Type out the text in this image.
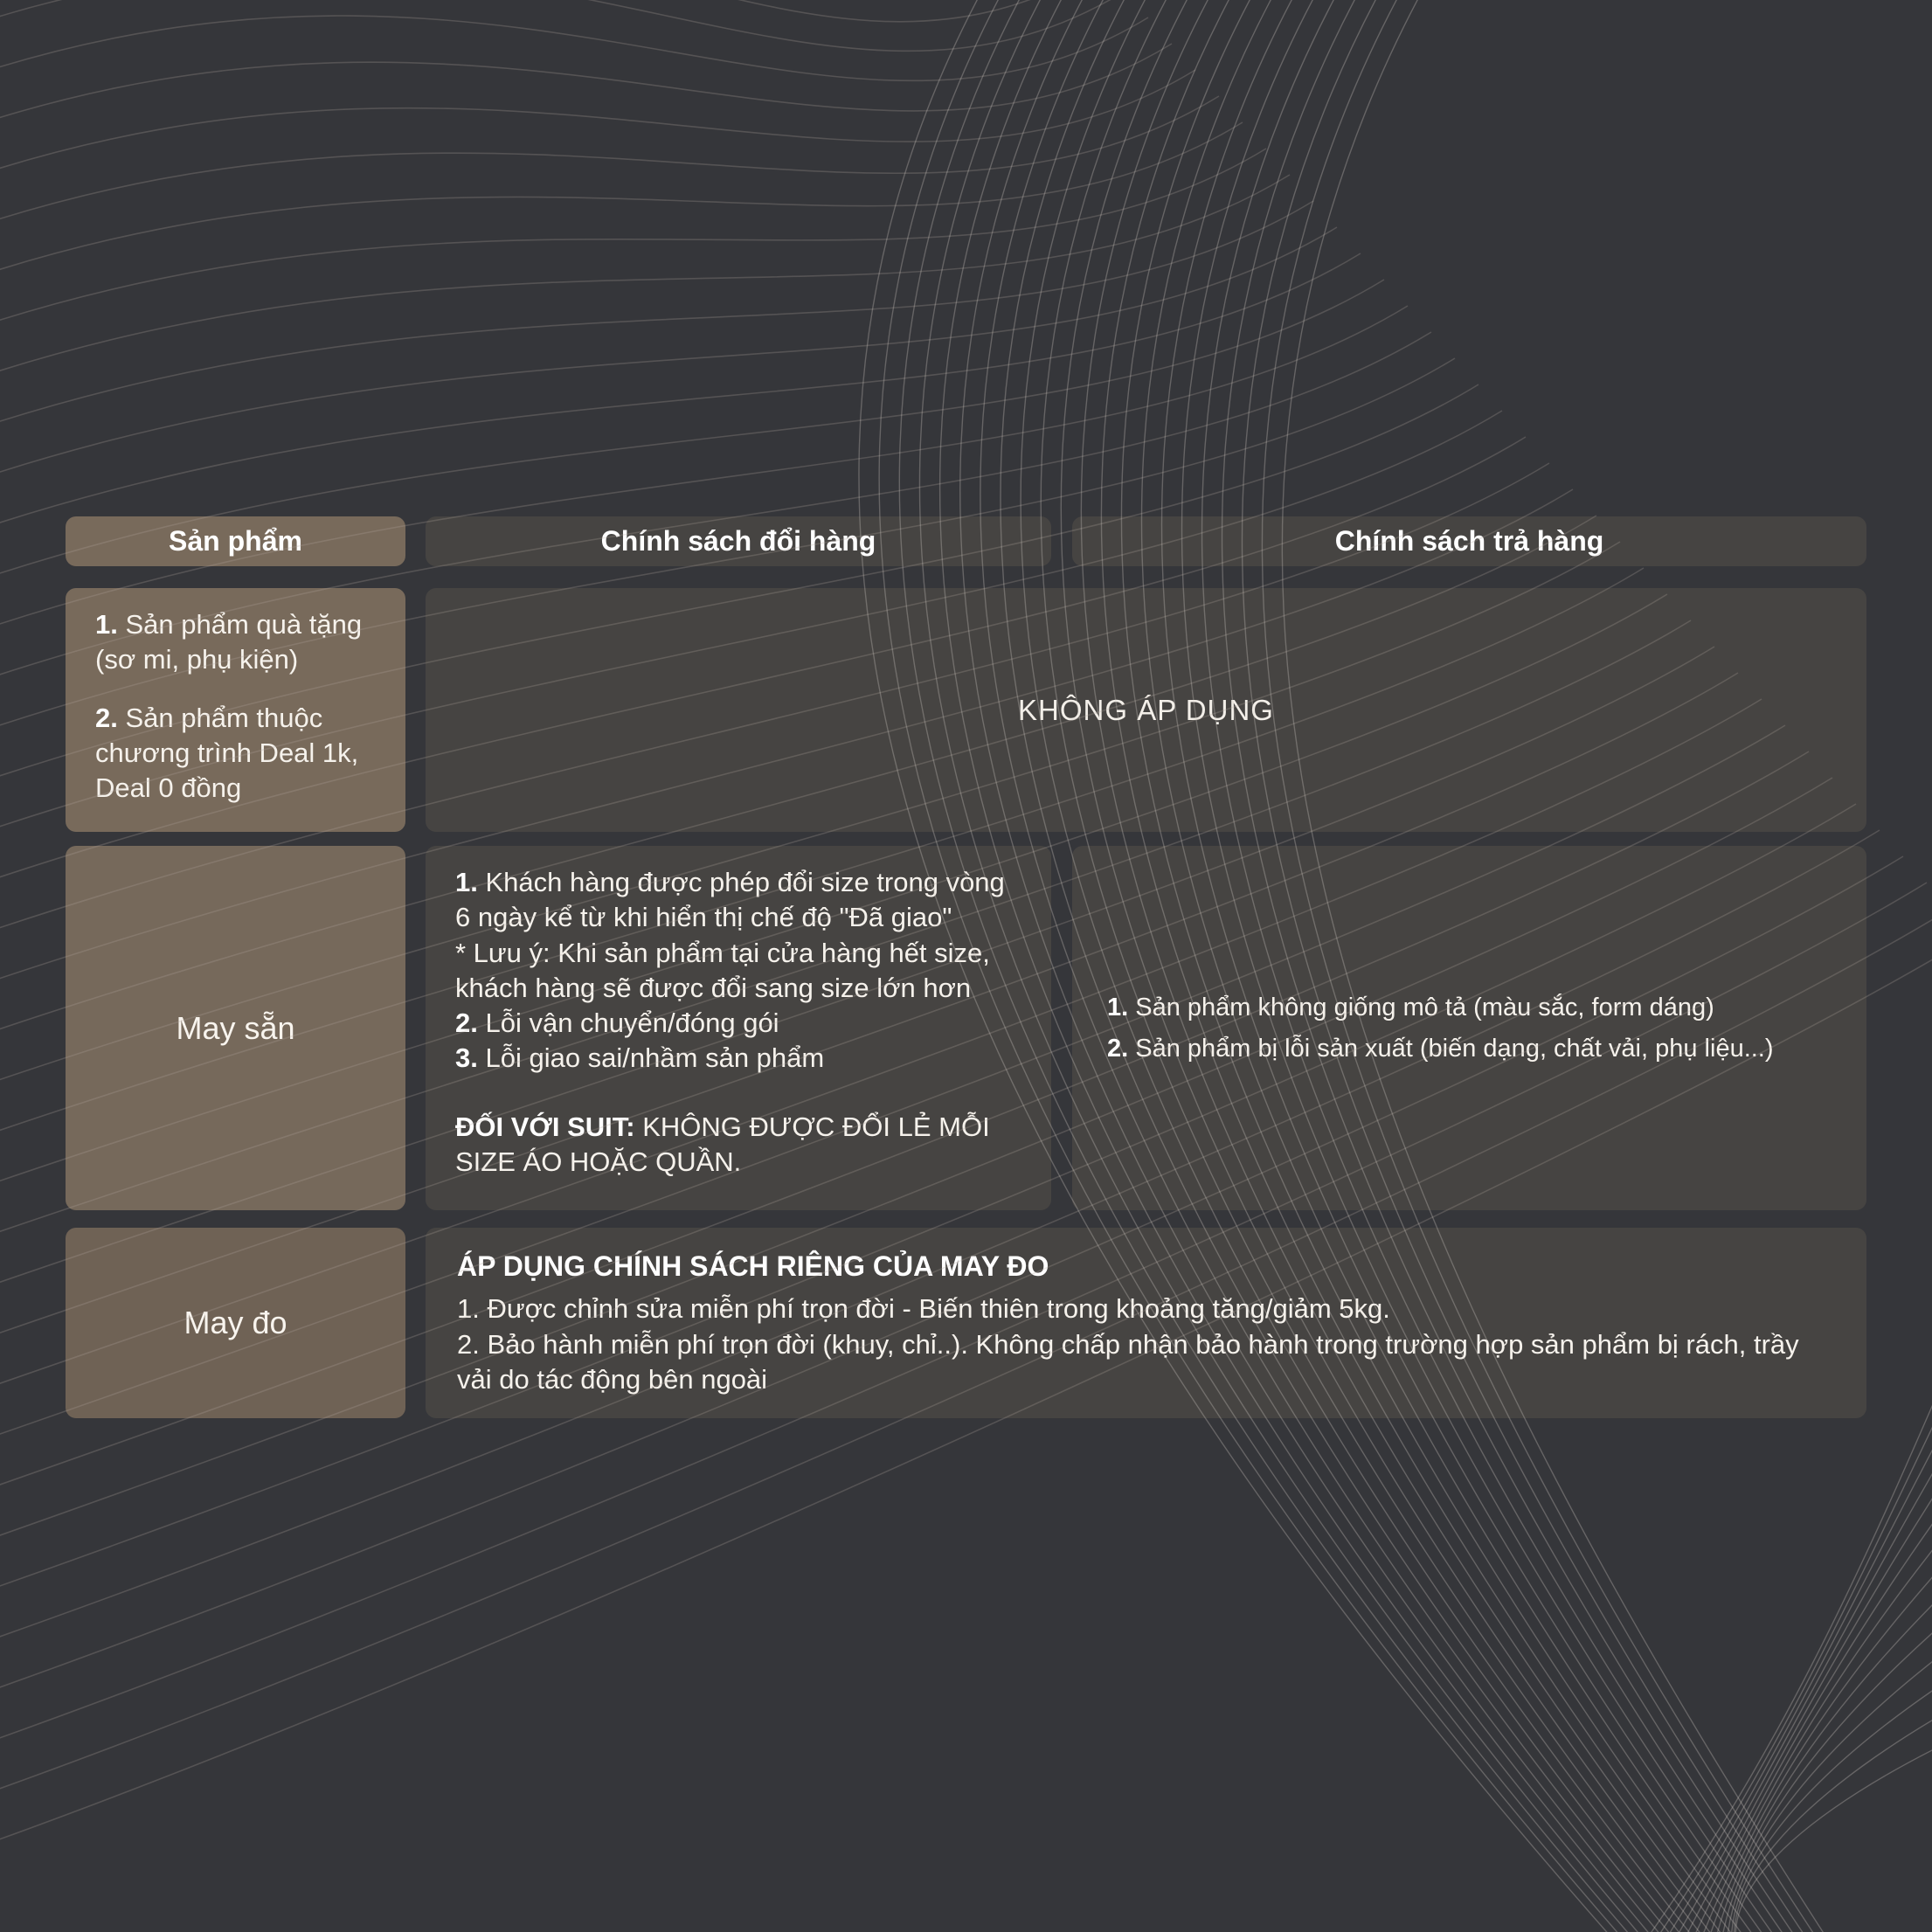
Sản phẩm	Chính sách đổi hàng	Chính sách trả hàng

1. Sản phẩm quà tặng (sơ mi, phụ kiện)

2. Sản phẩm thuộc chương trình Deal 1k, Deal 0 đồng

KHÔNG ÁP DỤNG
May sẵn

1. Khách hàng được phép đổi size trong vòng 6 ngày kể từ khi hiển thị chế độ "Đã giao"

* Lưu ý: Khi sản phẩm tại cửa hàng hết size, khách hàng sẽ được đổi sang size lớn hơn

2. Lỗi vận chuyển/đóng gói

3. Lỗi giao sai/nhầm sản phẩm

ĐỐI VỚI SUIT: KHÔNG ĐƯỢC ĐỔI LẺ MỖI SIZE ÁO HOẶC QUẦN.

1. Sản phẩm không giống mô tả (màu sắc, form dáng)

2. Sản phẩm bị lỗi sản xuất (biến dạng, chất vải, phụ liệu...)

May đo

ÁP DỤNG CHÍNH SÁCH RIÊNG CỦA MAY ĐO

1. Được chỉnh sửa miễn phí trọn đời - Biến thiên trong khoảng tăng/giảm 5kg.

2. Bảo hành miễn phí trọn đời (khuy, chỉ..). Không chấp nhận bảo hành trong trường hợp sản phẩm bị rách, trầy vải do tác động bên ngoài
